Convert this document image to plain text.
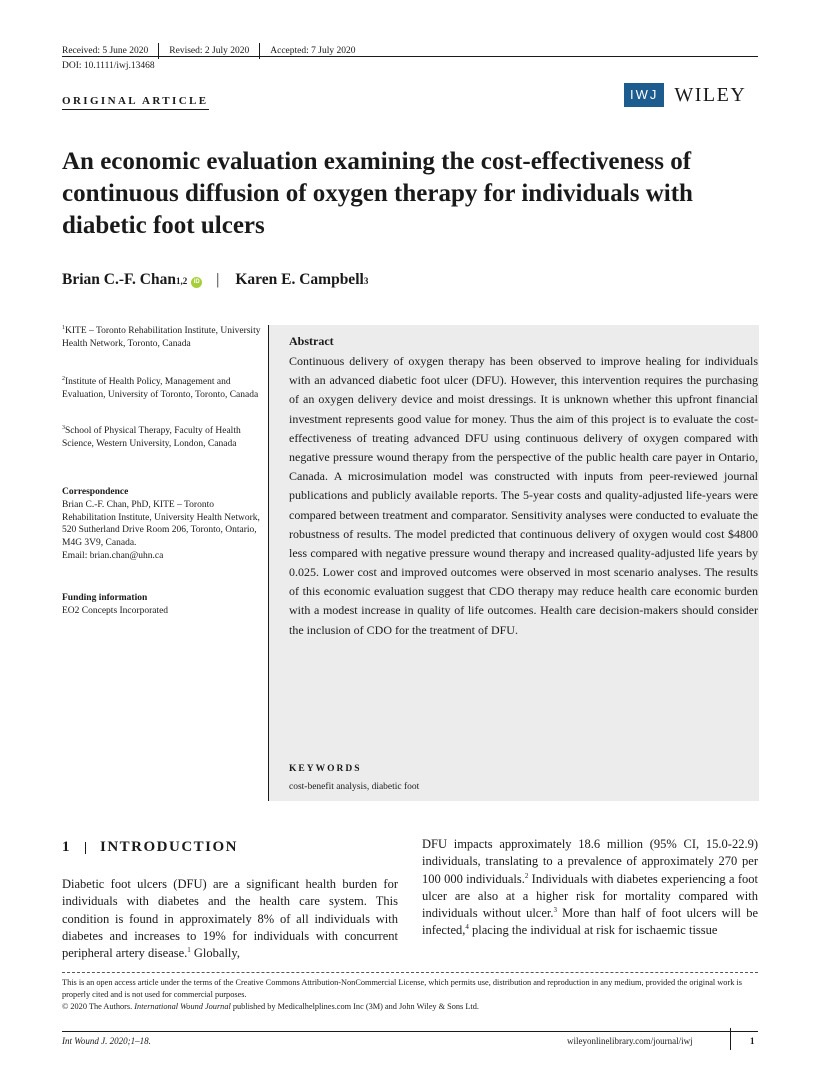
Received: 5 June 2020 Revised: 2 July 2020 Accepted: 7 July 2020
DOI: 10.1111/iwj.13468
ORIGINAL ARTICLE	IWJ WILEY
An economic evaluation examining the cost-effectiveness of continuous diffusion of oxygen therapy for individuals with diabetic foot ulcers
Brian C.-F. Chan 1,2	iD | Karen E. Campbell 3
$^1$KITE – Toronto Rehabilitation Institute, University Health Network, Toronto, Canada
$^2$Institute of Health Policy, Management and Evaluation, University of Toronto, Toronto, Canada
$^3$School of Physical Therapy, Faculty of Health Science, Western University, London, Canada
Correspondence
Brian C.-F. Chan, PhD, KITE – Toronto Rehabilitation Institute, University Health Network, 520 Sutherland Drive Room 206, Toronto, Ontario, M4G 3V9, Canada.
Email: brian.chan@uhn.ca
Funding information
EO2 Concepts Incorporated
Abstract
Continuous delivery of oxygen therapy has been observed to improve healing for individuals with an advanced diabetic foot ulcer (DFU). However, this intervention requires the purchasing of an oxygen delivery device and moist dressings. It is unknown whether this upfront financial investment represents good value for money. Thus the aim of this project is to evaluate the cost-effectiveness of treating advanced DFU using continuous delivery of oxygen compared with negative pressure wound therapy from the perspective of the public health care payer in Ontario, Canada. A microsimulation model was constructed with inputs from peer-reviewed journal publications and publicly available reports. The 5-year costs and quality-adjusted life-years were compared between treatment and comparator. Sensitivity analyses were conducted to evaluate the robustness of results. The model predicted that continuous delivery of oxygen would cost $4800 less compared with negative pressure wound therapy and increased quality-adjusted life years by 0.025. Lower cost and improved outcomes were observed in most scenario analyses. The results of this economic evaluation suggest that CDO therapy may reduce health care economic burden with a modest increase in quality of life outcomes. Health care decision-makers should consider the inclusion of CDO for the treatment of DFU.
KEYWORDS
cost-benefit analysis, diabetic foot
1 INTRODUCTION
Diabetic foot ulcers (DFU) are a significant health burden for individuals with diabetes and the health care system. This condition is found in approximately 8% of all individuals with diabetes and increases to 19% for individuals with concurrent peripheral artery disease.$^1$ Globally,
DFU impacts approximately 18.6 million (95% CI, 15.0-22.9) individuals, translating to a prevalence of approximately 270 per 100 000 individuals.$^2$ Individuals with diabetes experiencing a foot ulcer are also at a higher risk for mortality compared with individuals without ulcer.$^3$ More than half of foot ulcers will be infected,$^4$ placing the individual at risk for ischaemic tissue
This is an open access article under the terms of the Creative Commons Attribution-NonCommercial License, which permits use, distribution and reproduction in any medium, provided the original work is properly cited and is not used for commercial purposes.
© 2020 The Authors. International Wound Journal published by Medicalhelplines.com Inc (3M) and John Wiley & Sons Ltd.
Int Wound J. 2020;1–18.	wileyonlinelibrary.com/journal/iwj	1
